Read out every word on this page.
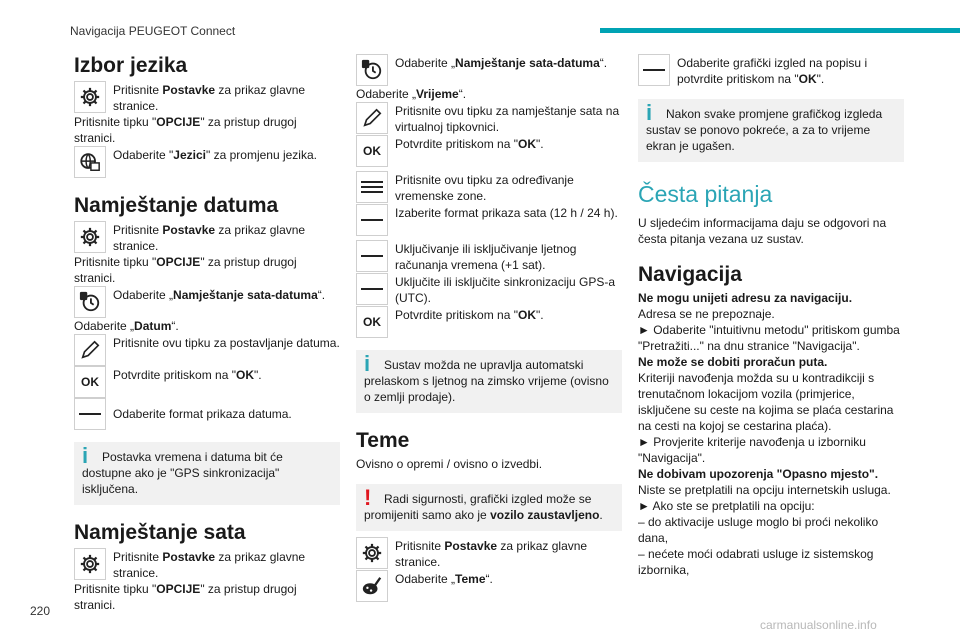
Navigacija PEUGEOT Connect
Izbor jezika
Pritisnite Postavke za prikaz glavne stranice.

Pritisnite tipku "OPCIJE" za pristup drugoj stranici.

Odaberite "Jezici" za promjenu jezika.
Namještanje datuma
Pritisnite Postavke za prikaz glavne stranice.

Pritisnite tipku "OPCIJE" za pristup drugoj stranici.

Odaberite „Namještanje sata-datuma“.

Odaberite „Datum“.

Pritisnite ovu tipku za postavljanje datuma.
OK Potvrdite pritiskom na "OK".
Odaberite format prikaza datuma.
i Postavka vremena i datuma bit će dostupne ako je "GPS sinkronizacija" isključena.
Namještanje sata
Pritisnite Postavke za prikaz glavne stranice.

Pritisnite tipku "OPCIJE" za pristup drugoj stranici.

Odaberite „Namještanje sata-datuma“.

Odaberite „Vrijeme“.

Pritisnite ovu tipku za namještanje sata na virtualnoj tipkovnici.
OK Potvrdite pritiskom na "OK".
Pritisnite ovu tipku za određivanje vremenske zone.
Izaberite format prikaza sata (12 h / 24 h).
Uključivanje ili isključivanje ljetnog računanja vremena (+1 sat).
Uključite ili isključite sinkronizaciju GPS-a (UTC).
OK Potvrdite pritiskom na "OK".
i Sustav možda ne upravlja automatski prelaskom s ljetnog na zimsko vrijeme (ovisno o zemlji prodaje).
Teme

Ovisno o opremi / ovisno o izvedbi.

! Radi sigurnosti, grafički izgled može se promijeniti samo ako je vozilo zaustavljeno.
Pritisnite Postavke za prikaz glavne stranice.
Odaberite „Teme“.
Odaberite grafički izgled na popisu i potvrdite pritiskom na "OK".
i Nakon svake promjene grafičkog izgleda sustav se ponovo pokreće, a za to vrijeme ekran je ugašen.
Česta pitanja

U sljedećim informacijama daju se odgovori na česta pitanja vezana uz sustav.

Navigacija

Ne mogu unijeti adresu za navigaciju.

Adresa se ne prepoznaje.

► Odaberite "intuitivnu metodu" pritiskom gumba "Pretražiti..." na dnu stranice "Navigacija".

Ne može se dobiti proračun puta.

Kriteriji navođenja možda su u kontradikciji s trenutačnom lokacijom vozila (primjerice, isključene su ceste na kojima se plaća cestarina na cesti na kojoj se cestarina plaća).

► Provjerite kriterije navođenja u izborniku "Navigacija".

Ne dobivam upozorenja "Opasno mjesto".

Niste se pretplatili na opciju internetskih usluga.

► Ako ste se pretplatili na opciju:

– do aktivacije usluge moglo bi proći nekoliko dana,

– nećete moći odabrati usluge iz sistemskog izbornika,

220
carmanualsonline.info
